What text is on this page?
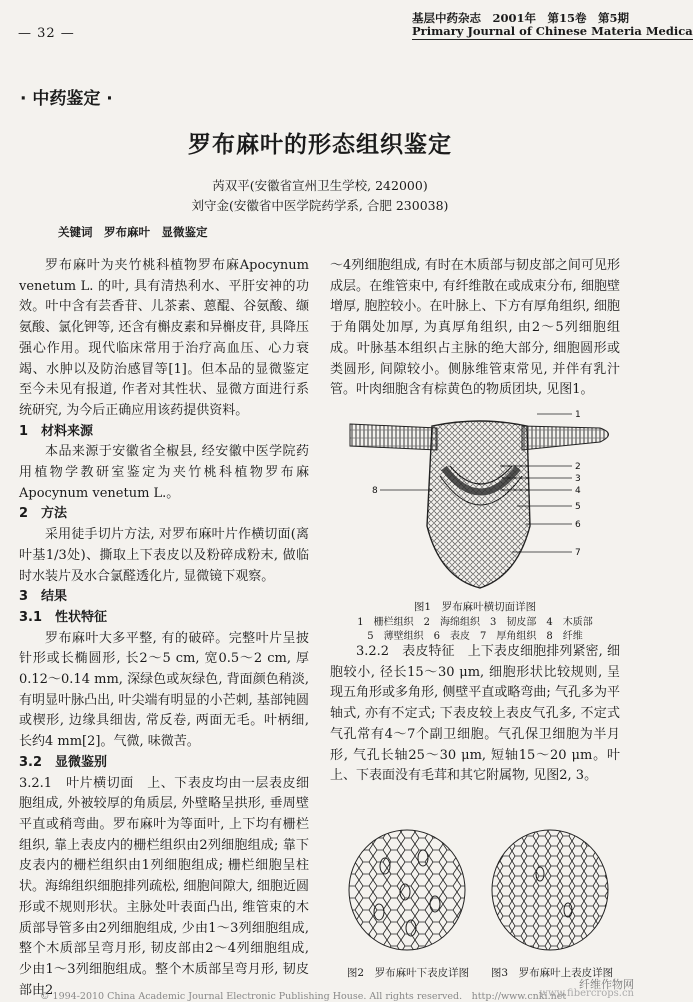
— 32 —
基层中药杂志　2001年　第15卷　第5期
Primary Journal of Chinese Materia Medica
· 中药鉴定 ·
罗布麻叶的形态组织鉴定
芮双平(安徽省宣州卫生学校, 242000)
刘守金(安徽省中医学院药学系, 合肥 230038)
关键词　罗布麻叶　显微鉴定

罗布麻叶为夹竹桃科植物罗布麻Apocynum venetum L. 的叶, 具有清热利水、平肝安神的功效。叶中含有芸香苷、儿茶素、蒽醌、谷氨酸、缬氨酸、氯化钾等, 还含有槲皮素和异槲皮苷, 具降压强心作用。现代临床常用于治疗高血压、心力衰竭、水肿以及防治感冒等[1]。但本品的显微鉴定至今未见有报道, 作者对其性状、显微方面进行系统研究, 为今后正确应用该药提供资料。

1　材料来源

本品来源于安徽省全椒县, 经安徽中医学院药用植物学教研室鉴定为夹竹桃科植物罗布麻Apocynum venetum L.。

2　方法

采用徒手切片方法, 对罗布麻叶片作横切面(离叶基1/3处)、撕取上下表皮以及粉碎成粉末, 做临时水装片及水合氯醛透化片, 显微镜下观察。

3　结果
3.1　性状特征

罗布麻叶大多平整, 有的破碎。完整叶片呈披针形或长椭圆形, 长2～5 cm, 宽0.5～2 cm, 厚0.12～0.14 mm, 深绿色或灰绿色, 背面颜色稍淡, 有明显叶脉凸出, 叶尖端有明显的小芒刺, 基部钝圆或楔形, 边缘具细齿, 常反卷, 两面无毛。叶柄细, 长约4 mm[2]。气微, 味微苦。

3.2　显微鉴别

3.2.1　叶片横切面　上、下表皮均由一层表皮细胞组成, 外被较厚的角质层, 外壁略呈拱形, 垂周壁平直或稍弯曲。罗布麻叶为等面叶, 上下均有栅栏组织, 靠上表皮内的栅栏组织由2列细胞组成; 靠下皮表内的栅栏组织由1列细胞组成; 栅栏细胞呈柱状。海绵组织细胞排列疏松, 细胞间隙大, 细胞近圆形或不规则形状。主脉处叶表面凸出, 维管束的木质部导管多由2列细胞组成, 少由1～3列细胞组成, 整个木质部呈弯月形, 韧皮部由2～4列细胞组成, 少由1～3列细胞组成。整个木质部呈弯月形, 韧皮部由2

～4列细胞组成, 有时在木质部与韧皮部之间可见形成层。在维管束中, 有纤维散在或成束分布, 细胞壁增厚, 胞腔较小。在叶脉上、下方有厚角组织, 细胞于角隅处加厚, 为真厚角组织, 由2～5列细胞组成。叶脉基本组织占主脉的绝大部分, 细胞圆形或类圆形, 间隙较小。侧脉维管束常见, 并伴有乳汁管。叶肉细胞含有棕黄色的物质团块, 见图1。

1
2
3
4
5
6
7
8
图1　罗布麻叶横切面详图
1　栅栏组织　2　海绵组织　3　韧皮部　4　木质部
5　薄壁组织　6　表皮　7　厚角组织　8　纤维

3.2.2　表皮特征　上下表皮细胞排列紧密, 细胞较小, 径长15～30 μm, 细胞形状比较规则, 呈现五角形或多角形, 侧壁平直或略弯曲; 气孔多为平轴式, 亦有不定式; 下表皮较上表皮气孔多, 不定式气孔常有4～7个副卫细胞。气孔保卫细胞为半月形, 气孔长轴25～30 μm, 短轴15～20 μm。叶上、下表面没有毛茸和其它附属物, 见图2, 3。

图2　罗布麻叶下表皮详图	图3　罗布麻叶上表皮详图
© 1994-2010 China Academic Journal Electronic Publishing House. All rights reserved.　http://www.cnki.net
纤维作物网
www.fibercrops.cn
